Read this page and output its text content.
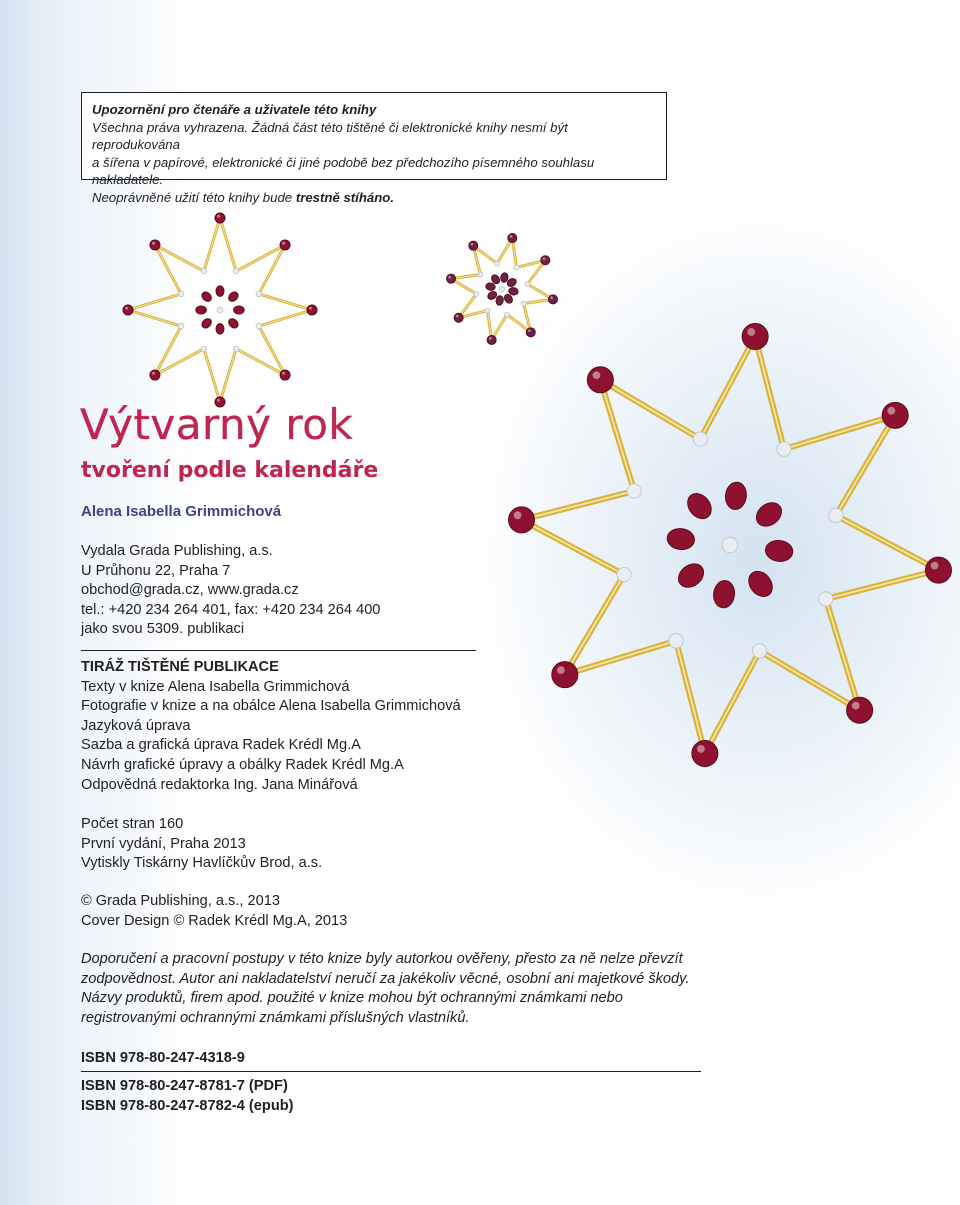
Upozornění pro čtenáře a uživatele této knihy
Všechna práva vyhrazena. Žádná část této tištěné či elektronické knihy nesmí být reprodukována
a šířena v papírové, elektronické či jiné podobě bez předchozího písemného souhlasu nakladatele.
Neoprávněné užití této knihy bude trestně stíháno.
Výtvarný rok
tvoření podle kalendáře
Alena Isabella Grimmichová
Vydala Grada Publishing, a.s.
U Průhonu 22, Praha 7
obchod@grada.cz, www.grada.cz
tel.: +420 234 264 401, fax: +420 234 264 400
jako svou 5309. publikaci
TIRÁŽ TIŠTĚNÉ PUBLIKACE
Texty v knize Alena Isabella Grimmichová
Fotografie v knize a na obálce Alena Isabella Grimmichová
Jazyková úprava
Sazba a grafická úprava Radek Krédl Mg.A
Návrh grafické úpravy a obálky Radek Krédl Mg.A
Odpovědná redaktorka Ing. Jana Minářová
Počet stran 160
První vydání, Praha 2013
Vytiskly Tiskárny Havlíčkův Brod, a.s.
© Grada Publishing, a.s., 2013
Cover Design © Radek Krédl Mg.A, 2013
Doporučení a pracovní postupy v této knize byly autorkou ověřeny, přesto za ně nelze převzít
zodpovědnost. Autor ani nakladatelství neručí za jakékoliv věcné, osobní ani majetkové škody.
Názvy produktů, firem apod. použité v knize mohou být ochrannými známkami nebo
registrovanými ochrannými známkami příslušných vlastníků.
ISBN 978-80-247-4318-9
ISBN 978-80-247-8781-7 (PDF)
ISBN 978-80-247-8782-4 (epub)
